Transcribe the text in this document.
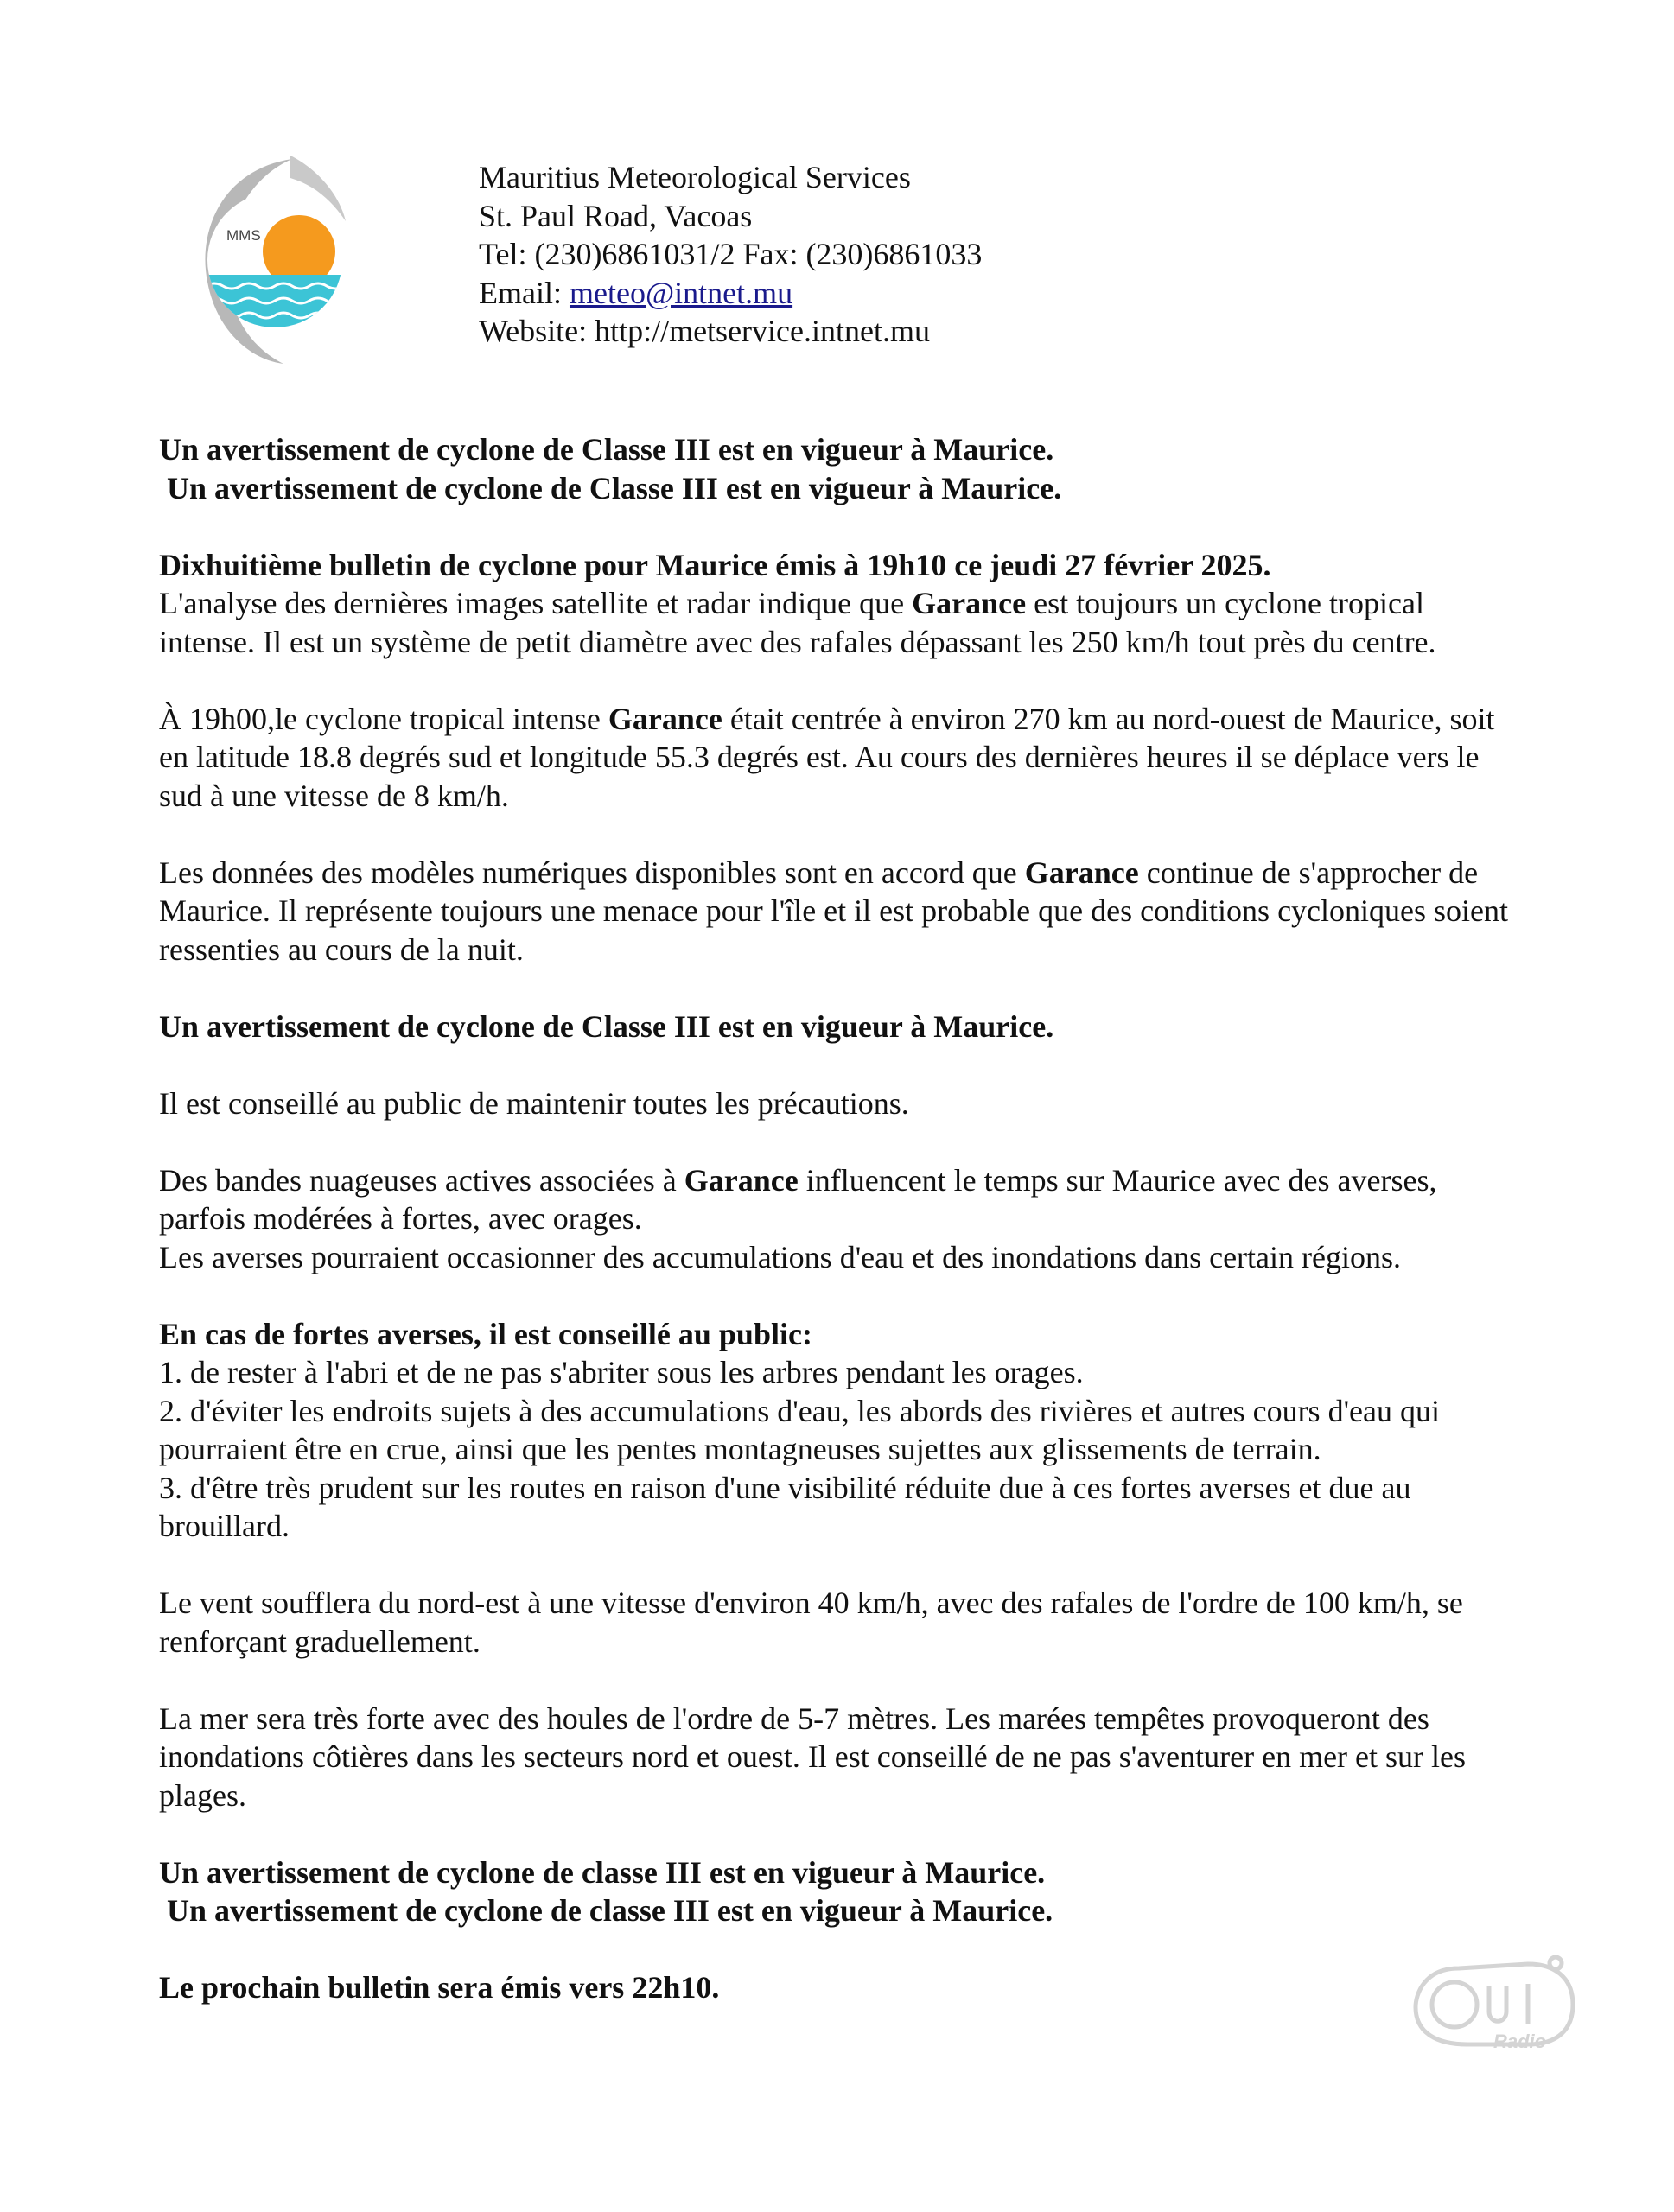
MMS
Mauritius Meteorological Services
St. Paul Road, Vacoas
Tel: (230)6861031/2 Fax: (230)6861033
Email: meteo@intnet.mu
Website: http://metservice.intnet.mu

Un avertissement de cyclone de Classe III est en vigueur à Maurice.

Un avertissement de cyclone de Classe III est en vigueur à Maurice.

Dixhuitième bulletin de cyclone pour Maurice émis à 19h10 ce jeudi 27 février 2025.

L'analyse des dernières images satellite et radar indique que Garance est toujours un cyclone tropical intense. Il est un système de petit diamètre avec des rafales dépassant les 250 km/h tout près du centre.

À 19h00,le cyclone tropical intense Garance était centrée à environ 270 km au nord-ouest de Maurice, soit en latitude 18.8 degrés sud et longitude 55.3 degrés est. Au cours des dernières heures il se déplace vers le sud à une vitesse de 8 km/h.

Les données des modèles numériques disponibles sont en accord que Garance continue de s'approcher de Maurice. Il représente toujours une menace pour l'île et il est probable que des conditions cycloniques soient ressenties au cours de la nuit.

Un avertissement de cyclone de Classe III est en vigueur à Maurice.

Il est conseillé au public de maintenir toutes les précautions.

Des bandes nuageuses actives associées à Garance influencent le temps sur Maurice avec des averses, parfois modérées à fortes, avec orages.

Les averses pourraient occasionner des accumulations d'eau et des inondations dans certain régions.

En cas de fortes averses, il est conseillé au public:

1. de rester à l'abri et de ne pas s'abriter sous les arbres pendant les orages.

2. d'éviter les endroits sujets à des accumulations d'eau, les abords des rivières et autres cours d'eau qui pourraient être en crue, ainsi que les pentes montagneuses sujettes aux glissements de terrain.

3. d'être très prudent sur les routes en raison d'une visibilité réduite due à ces fortes averses et due au brouillard.

Le vent soufflera du nord-est à une vitesse d'environ 40 km/h, avec des rafales de l'ordre de 100 km/h, se renforçant graduellement.

La mer sera très forte avec des houles de l'ordre de 5-7 mètres. Les marées tempêtes provoqueront des inondations côtières dans les secteurs nord et ouest. Il est conseillé de ne pas s'aventurer en mer et sur les plages.

Un avertissement de cyclone de classe III est en vigueur à Maurice.

Un avertissement de cyclone de classe III est en vigueur à Maurice.

Le prochain bulletin sera émis vers 22h10.

Radio
